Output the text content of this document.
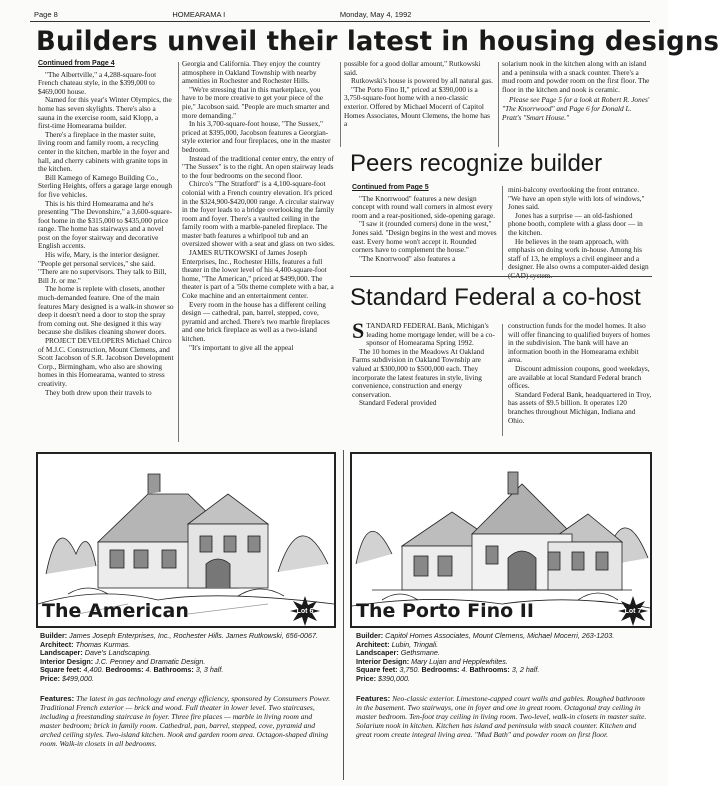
Page 8	HOMEARAMA I	Monday, May 4, 1992
Builders unveil their latest in housing designs
Continued from Page 4

"The Albertville," a 4,288-square-foot French chateau style, in the $399,000 to $469,000 house.

Named for this year's Winter Olympics, the home has seven skylights. There's also a sauna in the exercise room, said Klopp, a first-time Homearama builder.

There's a fireplace in the master suite, living room and family room, a recycling center in the kitchen, marble in the foyer and hall, and cherry cabinets with granite tops in the kitchen.

Bill Kamego of Kamego Building Co., Sterling Heights, offers a garage large enough for five vehicles.

This is his third Homearama and he's presenting "The Devonshire," a 3,600-square-foot home in the $315,000 to $435,000 price range. The home has stairways and a novel post on the foyer stairway and decorative English accents.

His wife, Mary, is the interior designer. "People get personal services," she said. "There are no supervisors. They talk to Bill, Bill Jr. or me."

The home is replete with closets, another much-demanded feature. One of the main features Mary designed is a walk-in shower so deep it doesn't need a door to stop the spray from coming out. She designed it this way because she dislikes cleaning shower doors.

PROJECT DEVELOPERS Michael Chirco of M.J.C. Construction, Mount Clemens, and Scott Jacobson of S.R. Jacobson Development Corp., Birmingham, who also are showing homes in this Homearama, wanted to stress creativity.

They both drew upon their travels to

Georgia and California. They enjoy the country atmosphere in Oakland Township with nearby amenities in Rochester and Rochester Hills.

"We're stressing that in this marketplace, you have to be more creative to get your piece of the pie," Jacobson said. "People are much smarter and more demanding."

In his 3,700-square-foot house, "The Sussex," priced at $395,000, Jacobson features a Georgian-style exterior and four fireplaces, one in the master bedroom.

Instead of the traditional center entry, the entry of "The Sussex" is to the right. An open stairway leads to the four bedrooms on the second floor.

Chirco's "The Stratford" is a 4,100-square-foot colonial with a French country elevation. It's priced in the $324,900-$420,000 range. A circular stairway in the foyer leads to a bridge overlooking the family room and foyer. There's a vaulted ceiling in the family room with a marble-paneled fireplace. The master bath features a whirlpool tub and an oversized shower with a seat and glass on two sides.

JAMES RUTKOWSKI of James Joseph Enterprises, Inc., Rochester Hills, features a full theater in the lower level of his 4,400-square-foot home, "The American," priced at $499,000. The theater is part of a '50s theme complete with a bar, a Coke machine and an entertainment center.

Every room in the house has a different ceiling design — cathedral, pan, barrel, stepped, cove, pyramid and arched. There's two marble fireplaces and one brick fireplace as well as a two-island kitchen.

"It's important to give all the appeal

possible for a good dollar amount," Rutkowski said.

Rutkowski's house is powered by all natural gas.

"The Porto Fino II," priced at $390,000 is a 3,750-square-foot home with a neo-classic exterior. Offered by Michael Mocerri of Capitol Homes Associates, Mount Clemens, the home has a

solarium nook in the kitchen along with an island and a peninsula with a snack counter. There's a mud room and powder room on the first floor. The floor in the kitchen and nook is ceramic.

Please see Page 5 for a look at Robert R. Jones' "The Knorrwood" and Page 6 for Donald L. Pratt's "Smart House."

Peers recognize builder
Continued from Page 5

"The Knorrwood" features a new design concept with round wall corners in almost every room and a rear-positioned, side-opening garage.

"I saw it (rounded corners) done in the west," Jones said. "Design begins in the west and moves east. Every home won't accept it. Rounded corners have to complement the house."

"The Knorrwood" also features a

mini-balcony overlooking the front entrance. "We have an open style with lots of windows," Jones said.

Jones has a surprise — an old-fashioned phone booth, complete with a glass door — in the kitchen.

He believes in the team approach, with emphasis on doing work in-house. Among his staff of 13, he employs a civil engineer and a designer. He also owns a computer-aided design

Standard Federal a co-host

STANDARD FEDERAL Bank, Michigan's leading home mortgage lender, will be a co-sponsor of Homearama Spring 1992.

The 10 homes in the Meadows At Oakland Farms subdivision in Oakland Township are valued at $300,000 to $500,000 each. They incorporate the latest features in style, living convenience, construction and energy conservation.

Standard Federal provided

construction funds for the model homes. It also will offer financing to qualified buyers of homes in the subdivision. The bank will have an information booth in the Homearama exhibit area.

Discount admission coupons, good weekdays, are available at local Standard Federal branch offices.

Standard Federal Bank, headquartered in Troy, has assets of $9.5 billion. It operates 120 branches throughout Michigan, Indiana and Ohio.

The American	Lot 6
Builder: James Joseph Enterprises, Inc., Rochester Hills. James Rutkowski, 656-0067.
Architect: Thomas Kurmas.
Landscaper: Dave's Landscaping.
Interior Design: J.C. Penney and Dramatic Design.
Square feet: 4,400. Bedrooms: 4. Bathrooms: 3, 3 half.
Price: $499,000.
Features: The latest in gas technology and energy efficiency, sponsored by Consumers Power. Traditional French exterior — brick and wood. Full theater in lower level. Two staircases, including a freestanding staircase in foyer. Three fire places — marble in living room and master bedroom; brick in family room. Cathedral, pan, barrel, stepped, cove, pyramid and arched ceiling styles. Two-island kitchen. Nook and garden room area. Octagon-shaped dining room. Walk-in closets in all bedrooms.
The Porto Fino II	Lot 7
Builder: Capitol Homes Associates, Mount Clemens, Michael Mocerri, 263-1203.
Architect: Lubin, Tringali.
Landscaper: Gethsmane.
Interior Design: Mary Lujan and Hepplewhites.
Square feet: 3,750. Bedrooms: 4. Bathrooms: 3, 2 half.
Price: $390,000.
Features: Neo-classic exterior. Limestone-capped court walls and gables. Roughed bathroom in the basement. Two stairways, one in foyer and one in great room. Octagonal tray ceiling in master bedroom. Ten-foot tray ceiling in living room. Two-level, walk-in closets in master suite. Solarium nook in kitchen. Kitchen has island and peninsula with snack counter. Kitchen and great room create integral living area. "Mud Bath" and powder room on first floor.
